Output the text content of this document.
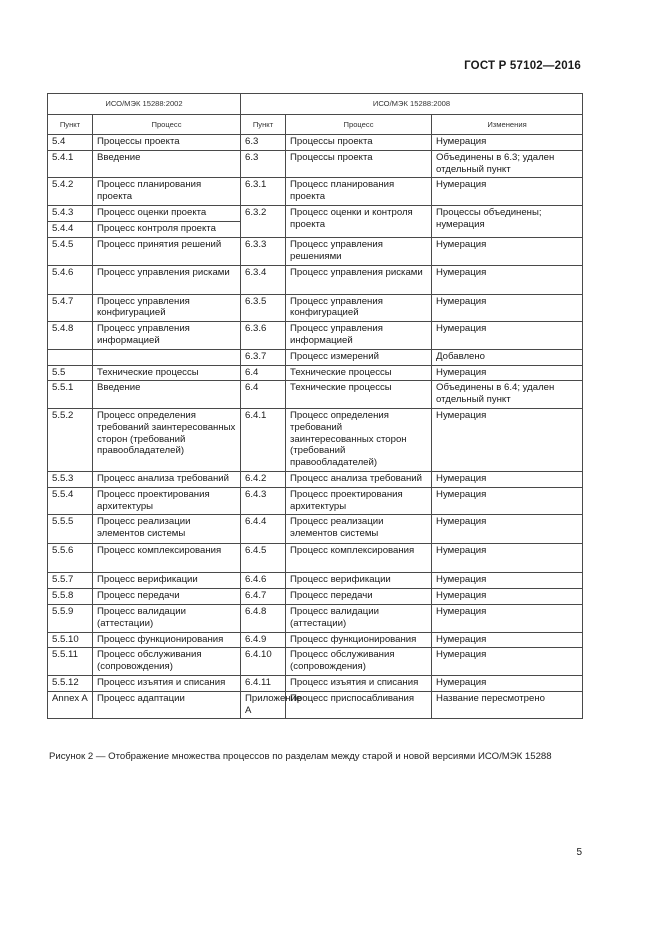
ГОСТ Р 57102—2016
ИСО/МЭК 15288:2002		ИСО/МЭК 15288:2008		
Пункт	Процесс	Пункт	Процесс	Изменения
5.4	Процессы проекта	6.3	Процессы проекта	Нумерация
5.4.1	Введение	6.3	Процессы проекта	Объединены в 6.3; удален отдельный пункт
5.4.2	Процесс планирования проекта	6.3.1	Процесс планирования проекта	Нумерация
5.4.3	Процесс оценки проекта	6.3.2	Процесс оценки и контроля проекта	Процессы объединены; нумерация
5.4.4	Процесс контроля проекта			
5.4.5	Процесс принятия решений	6.3.3	Процесс управления решениями	Нумерация
5.4.6	Процесс управления рисками	6.3.4	Процесс управления рисками	Нумерация
5.4.7	Процесс управления конфигурацией	6.3.5	Процесс управления конфигурацией	Нумерация
5.4.8	Процесс управления информацией	6.3.6	Процесс управления информацией	Нумерация
		6.3.7	Процесс измерений	Добавлено
5.5	Технические процессы	6.4	Технические процессы	Нумерация
5.5.1	Введение	6.4	Технические процессы	Объединены в 6.4; удален отдельный пункт
5.5.2	Процесс определения требований заинтересованных сторон (требований правообладателей)	6.4.1	Процесс определения требований заинтересованных сторон (требований правообладателей)	Нумерация
5.5.3	Процесс анализа требований	6.4.2	Процесс анализа требований	Нумерация
5.5.4	Процесс проектирования архитектуры	6.4.3	Процесс проектирования архитектуры	Нумерация
5.5.5	Процесс реализации элементов системы	6.4.4	Процесс реализации элементов системы	Нумерация
5.5.6	Процесс комплексирования	6.4.5	Процесс комплексирования	Нумерация
5.5.7	Процесс верификации	6.4.6	Процесс верификации	Нумерация
5.5.8	Процесс передачи	6.4.7	Процесс передачи	Нумерация
5.5.9	Процесс валидации (аттестации)	6.4.8	Процесс валидации (аттестации)	Нумерация
5.5.10	Процесс функционирования	6.4.9	Процесс функционирования	Нумерация
5.5.11	Процесс обслуживания (сопровождения)	6.4.10	Процесс обслуживания (сопровождения)	Нумерация
5.5.12	Процесс изъятия и списания	6.4.11	Процесс изъятия и списания	Нумерация
Annex A	Процесс адаптации	Приложение А	Процесс приспосабливания	Название пересмотрено
Рисунок 2 — Отображение множества процессов по разделам между старой и новой версиями ИСО/МЭК 15288
5
